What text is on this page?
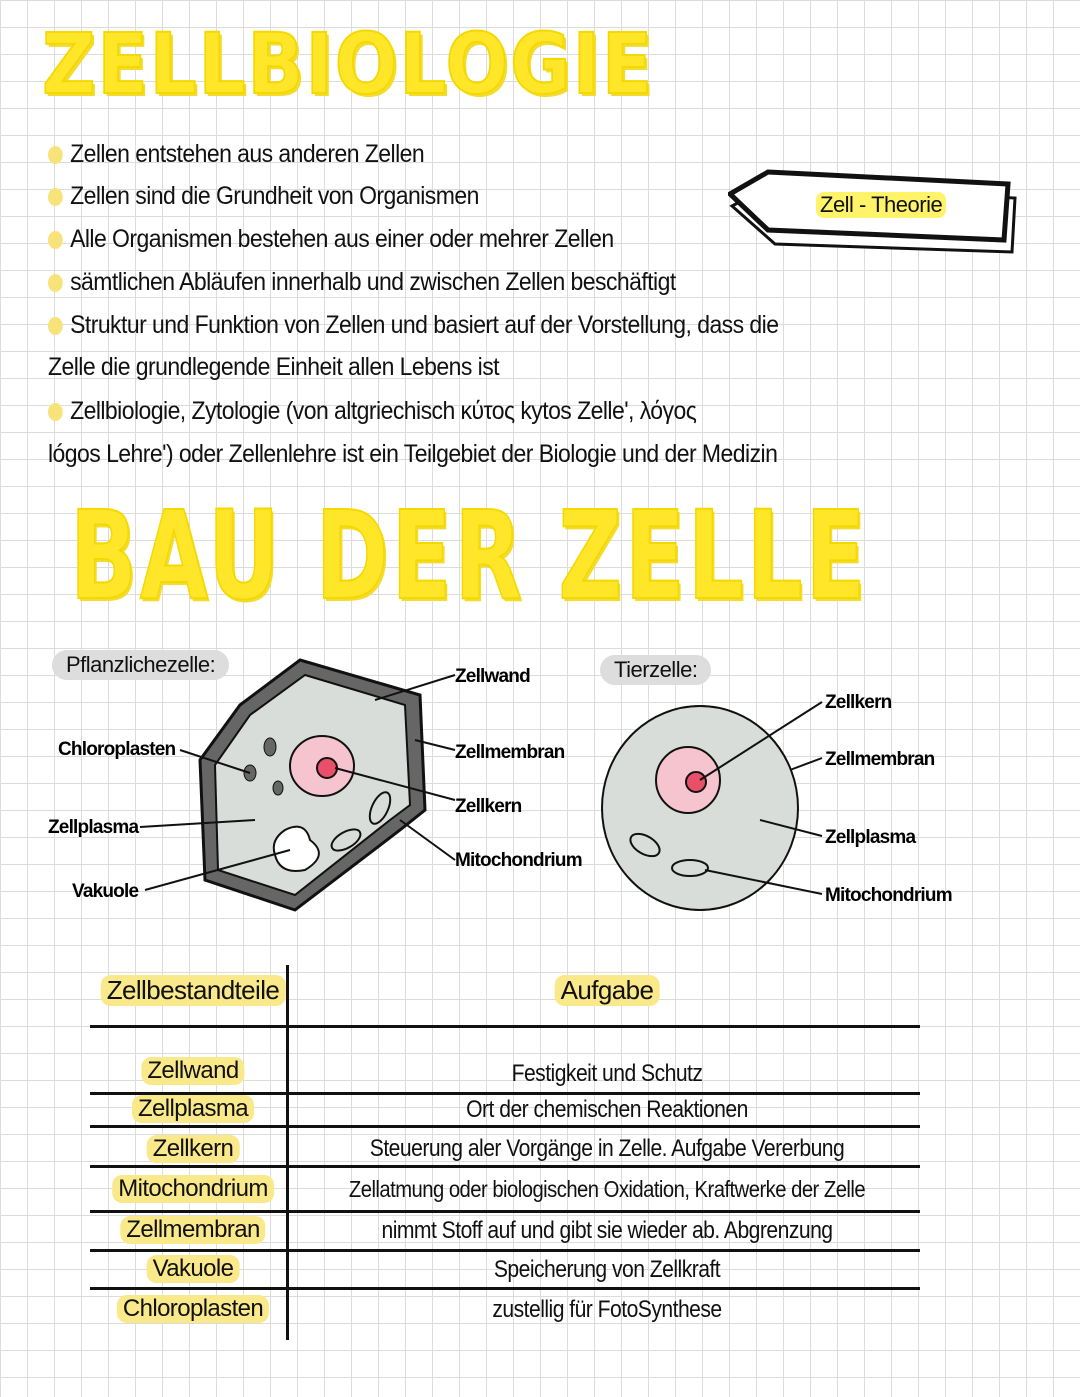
ZELLBIOLOGIE
Zellen entstehen aus anderen Zellen
Zellen sind die Grundheit von Organismen
Alle Organismen bestehen aus einer oder mehrer Zellen
sämtlichen Abläufen innerhalb und zwischen Zellen beschäftigt
Struktur und Funktion von Zellen und basiert auf der Vorstellung, dass die
Zelle die grundlegende Einheit allen Lebens ist
Zellbiologie, Zytologie (von altgriechisch κύτος kytos Zelle', λόγος
lógos Lehre') oder Zellenlehre ist ein Teilgebiet der Biologie und der Medizin
Zell - Theorie
BAU DER ZELLE
Pflanzlichezelle:	Tierzelle:
Zellwand
Chloroplasten	Zellmembran
Zellkern
Zellplasma
Mitochondrium
Vakuole
Zellkern
Zellmembran
Zellplasma
Mitochondrium
Zellbestandteile	Aufgabe
Zellwand	Festigkeit und Schutz
Zellplasma	Ort der chemischen Reaktionen
Zellkern	Steuerung aler Vorgänge in Zelle. Aufgabe Vererbung
Mitochondrium	Zellatmung oder biologischen Oxidation, Kraftwerke der Zelle
Zellmembran	nimmt Stoff auf und gibt sie wieder ab. Abgrenzung
Vakuole	Speicherung von Zellkraft
Chloroplasten	zustellig für FotoSynthese
